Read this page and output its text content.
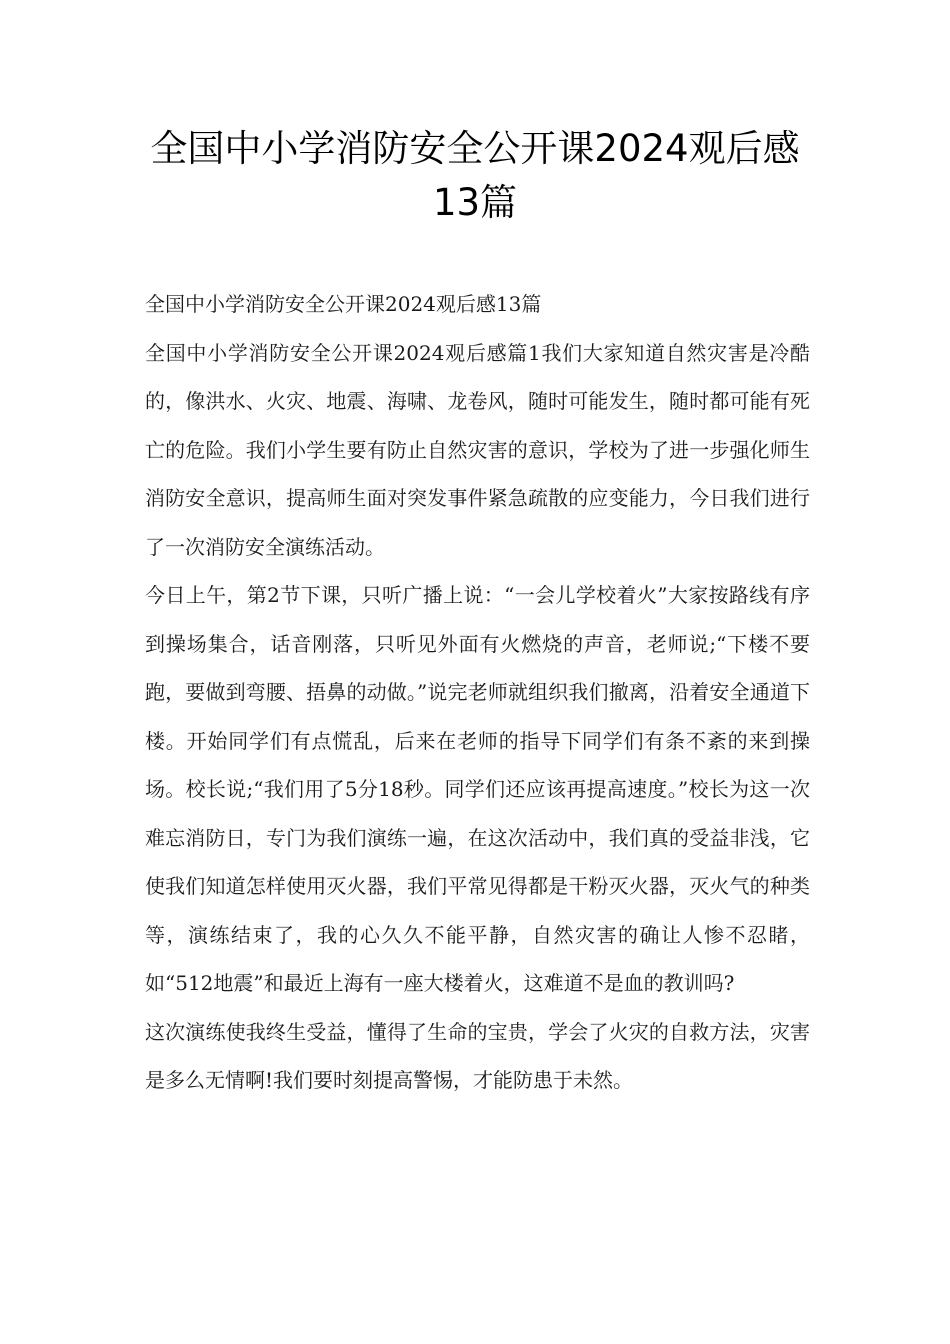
全国中小学消防安全公开课2024观后感13篇

全国中小学消防安全公开课2024观后感13篇

全国中小学消防安全公开课2024观后感篇1我们大家知道自然灾害是冷酷的，像洪水、火灾、地震、海啸、龙卷风，随时可能发生，随时都可能有死亡的危险。我们小学生要有防止自然灾害的意识，学校为了进一步强化师生消防安全意识，提高师生面对突发事件紧急疏散的应变能力，今日我们进行了一次消防安全演练活动。

今日上午，第2节下课，只听广播上说：“一会儿学校着火”大家按路线有序到操场集合，话音刚落，只听见外面有火燃烧的声音，老师说;“下楼不要跑，要做到弯腰、捂鼻的动做。”说完老师就组织我们撤离，沿着安全通道下楼。开始同学们有点慌乱，后来在老师的指导下同学们有条不紊的来到操场。校长说;“我们用了5分18秒。同学们还应该再提高速度。”校长为这一次难忘消防日，专门为我们演练一遍，在这次活动中，我们真的受益非浅，它使我们知道怎样使用灭火器，我们平常见得都是干粉灭火器，灭火气的种类等，演练结束了，我的心久久不能平静，自然灾害的确让人惨不忍睹，如“512地震”和最近上海有一座大楼着火，这难道不是血的教训吗?

这次演练使我终生受益，懂得了生命的宝贵，学会了火灾的自救方法，灾害是多么无情啊!我们要时刻提高警惕，才能防患于未然。
